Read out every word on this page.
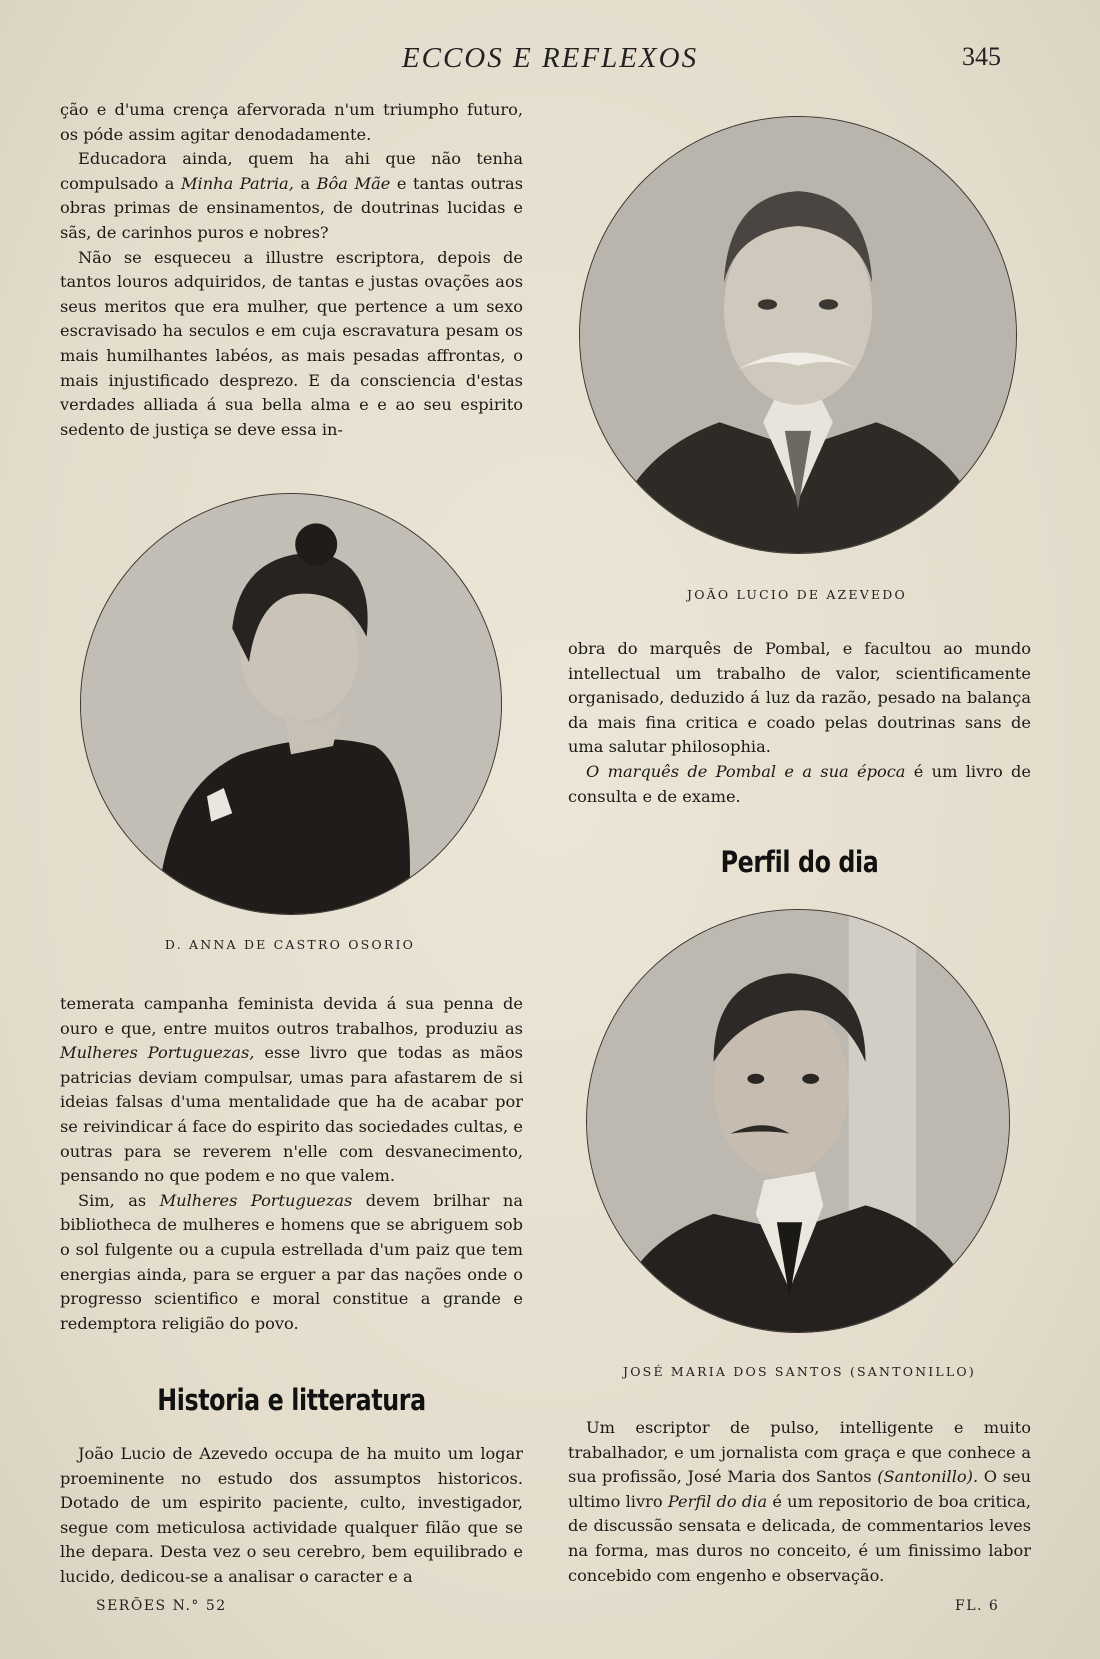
ECCOS E REFLEXOS	345

ção e d'uma crença afervorada n'um triumpho futuro, os póde assim agitar denodadamente.

Educadora ainda, quem ha ahi que não tenha compulsado a Minha Patria, a Bôa Mãe e tantas outras obras primas de ensinamentos, de doutrinas lucidas e sãs, de carinhos puros e nobres?

Não se esqueceu a illustre escriptora, depois de tantos louros adquiridos, de tantas e justas ovações aos seus meritos que era mulher, que pertence a um sexo escravisado ha seculos e em cuja escravatura pesam os mais humilhantes labéos, as mais pesadas affrontas, o mais injustificado desprezo. E da consciencia d'estas verdades alliada á sua bella alma e e ao seu espirito sedento de justiça se deve essa in-

JOÃO LUCIO DE AZEVEDO
D. ANNA DE CASTRO OSORIO

obra do marquês de Pombal, e facultou ao mundo intellectual um trabalho de valor, scientificamente organisado, deduzido á luz da razão, pesado na balança da mais fina critica e coado pelas doutrinas sans de uma salutar philosophia.

O marquês de Pombal e a sua época é um livro de consulta e de exame.

Perfil do dia
JOSÉ MARIA DOS SANTOS (SANTONILLO)

temerata campanha feminista devida á sua penna de ouro e que, entre muitos outros trabalhos, produziu as Mulheres Portuguezas, esse livro que todas as mãos patricias deviam compulsar, umas para afastarem de si ideias falsas d'uma mentalidade que ha de acabar por se reivindicar á face do espirito das sociedades cultas, e outras para se reverem n'elle com desvanecimento, pensando no que podem e no que valem.

Sim, as Mulheres Portuguezas devem brilhar na bibliotheca de mulheres e homens que se abriguem sob o sol fulgente ou a cupula estrellada d'um paiz que tem energias ainda, para se erguer a par das nações onde o progresso scientifico e moral constitue a grande e redemptora religião do povo.

Historia e litteratura

João Lucio de Azevedo occupa de ha muito um logar proeminente no estudo dos assumptos historicos. Dotado de um espirito paciente, culto, investigador, segue com meticulosa actividade qualquer filão que se lhe depara. Desta vez o seu cerebro, bem equilibrado e lucido, dedicou-se a analisar o caracter e a

Um escriptor de pulso, intelligente e muito trabalhador, e um jornalista com graça e que conhece a sua profissão, José Maria dos Santos (Santonillo). O seu ultimo livro Perfil do dia é um repositorio de boa critica, de discussão sensata e delicada, de commentarios leves na forma, mas duros no conceito, é um finissimo labor concebido com engenho e observação.

SERÕES N.° 52	FL. 6
